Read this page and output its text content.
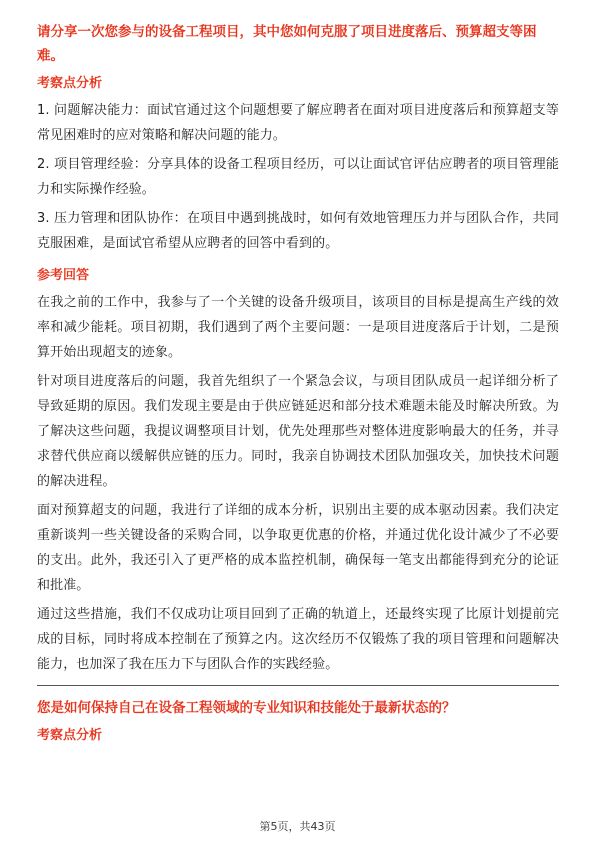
请分享一次您参与的设备工程项目，其中您如何克服了项目进度落后、预算超支等困难。
考察点分析
1. 问题解决能力：面试官通过这个问题想要了解应聘者在面对项目进度落后和预算超支等常见困难时的应对策略和解决问题的能力。
2. 项目管理经验：分享具体的设备工程项目经历，可以让面试官评估应聘者的项目管理能力和实际操作经验。
3. 压力管理和团队协作：在项目中遇到挑战时，如何有效地管理压力并与团队合作，共同克服困难，是面试官希望从应聘者的回答中看到的。
参考回答
在我之前的工作中，我参与了一个关键的设备升级项目，该项目的目标是提高生产线的效率和减少能耗。项目初期，我们遇到了两个主要问题：一是项目进度落后于计划，二是预算开始出现超支的迹象。
针对项目进度落后的问题，我首先组织了一个紧急会议，与项目团队成员一起详细分析了导致延期的原因。我们发现主要是由于供应链延迟和部分技术难题未能及时解决所致。为了解决这些问题，我提议调整项目计划，优先处理那些对整体进度影响最大的任务，并寻求替代供应商以缓解供应链的压力。同时，我亲自协调技术团队加强攻关，加快技术问题的解决进程。
面对预算超支的问题，我进行了详细的成本分析，识别出主要的成本驱动因素。我们决定重新谈判一些关键设备的采购合同，以争取更优惠的价格，并通过优化设计减少了不必要的支出。此外，我还引入了更严格的成本监控机制，确保每一笔支出都能得到充分的论证和批准。
通过这些措施，我们不仅成功让项目回到了正确的轨道上，还最终实现了比原计划提前完成的目标，同时将成本控制在了预算之内。这次经历不仅锻炼了我的项目管理和问题解决能力，也加深了我在压力下与团队合作的实践经验。
您是如何保持自己在设备工程领域的专业知识和技能处于最新状态的？
考察点分析
第5页，共43页
